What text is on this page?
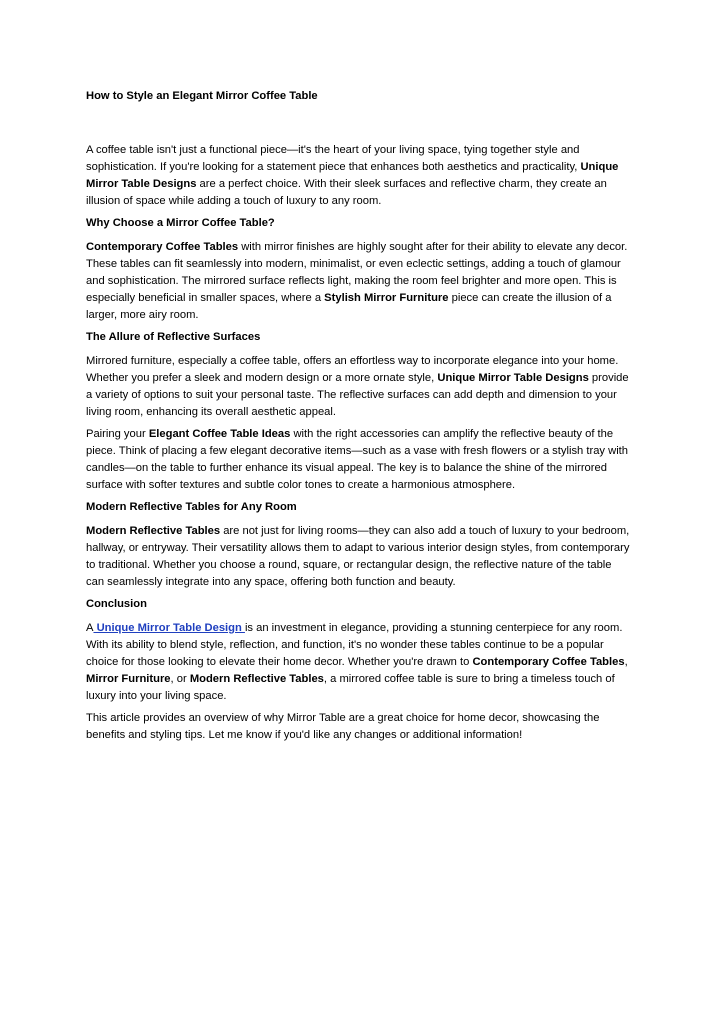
How to Style an Elegant Mirror Coffee Table

A coffee table isn't just a functional piece—it's the heart of your living space, tying together style and sophistication. If you're looking for a statement piece that enhances both aesthetics and practicality, Unique Mirror Table Designs are a perfect choice. With their sleek surfaces and reflective charm, they create an illusion of space while adding a touch of luxury to any room.

Why Choose a Mirror Coffee Table?

Contemporary Coffee Tables with mirror finishes are highly sought after for their ability to elevate any decor. These tables can fit seamlessly into modern, minimalist, or even eclectic settings, adding a touch of glamour and sophistication. The mirrored surface reflects light, making the room feel brighter and more open. This is especially beneficial in smaller spaces, where a Stylish Mirror Furniture piece can create the illusion of a larger, more airy room.

The Allure of Reflective Surfaces

Mirrored furniture, especially a coffee table, offers an effortless way to incorporate elegance into your home. Whether you prefer a sleek and modern design or a more ornate style, Unique Mirror Table Designs provide a variety of options to suit your personal taste. The reflective surfaces can add depth and dimension to your living room, enhancing its overall aesthetic appeal.

Pairing your Elegant Coffee Table Ideas with the right accessories can amplify the reflective beauty of the piece. Think of placing a few elegant decorative items—such as a vase with fresh flowers or a stylish tray with candles—on the table to further enhance its visual appeal. The key is to balance the shine of the mirrored surface with softer textures and subtle color tones to create a harmonious atmosphere.

Modern Reflective Tables for Any Room

Modern Reflective Tables are not just for living rooms—they can also add a touch of luxury to your bedroom, hallway, or entryway. Their versatility allows them to adapt to various interior design styles, from contemporary to traditional. Whether you choose a round, square, or rectangular design, the reflective nature of the table can seamlessly integrate into any space, offering both function and beauty.

Conclusion

A Unique Mirror Table Design is an investment in elegance, providing a stunning centerpiece for any room. With its ability to blend style, reflection, and function, it's no wonder these tables continue to be a popular choice for those looking to elevate their home decor. Whether you're drawn to Contemporary Coffee Tables, Mirror Furniture, or Modern Reflective Tables, a mirrored coffee table is sure to bring a timeless touch of luxury into your living space.

This article provides an overview of why Mirror Table are a great choice for home decor, showcasing the benefits and styling tips. Let me know if you'd like any changes or additional information!
